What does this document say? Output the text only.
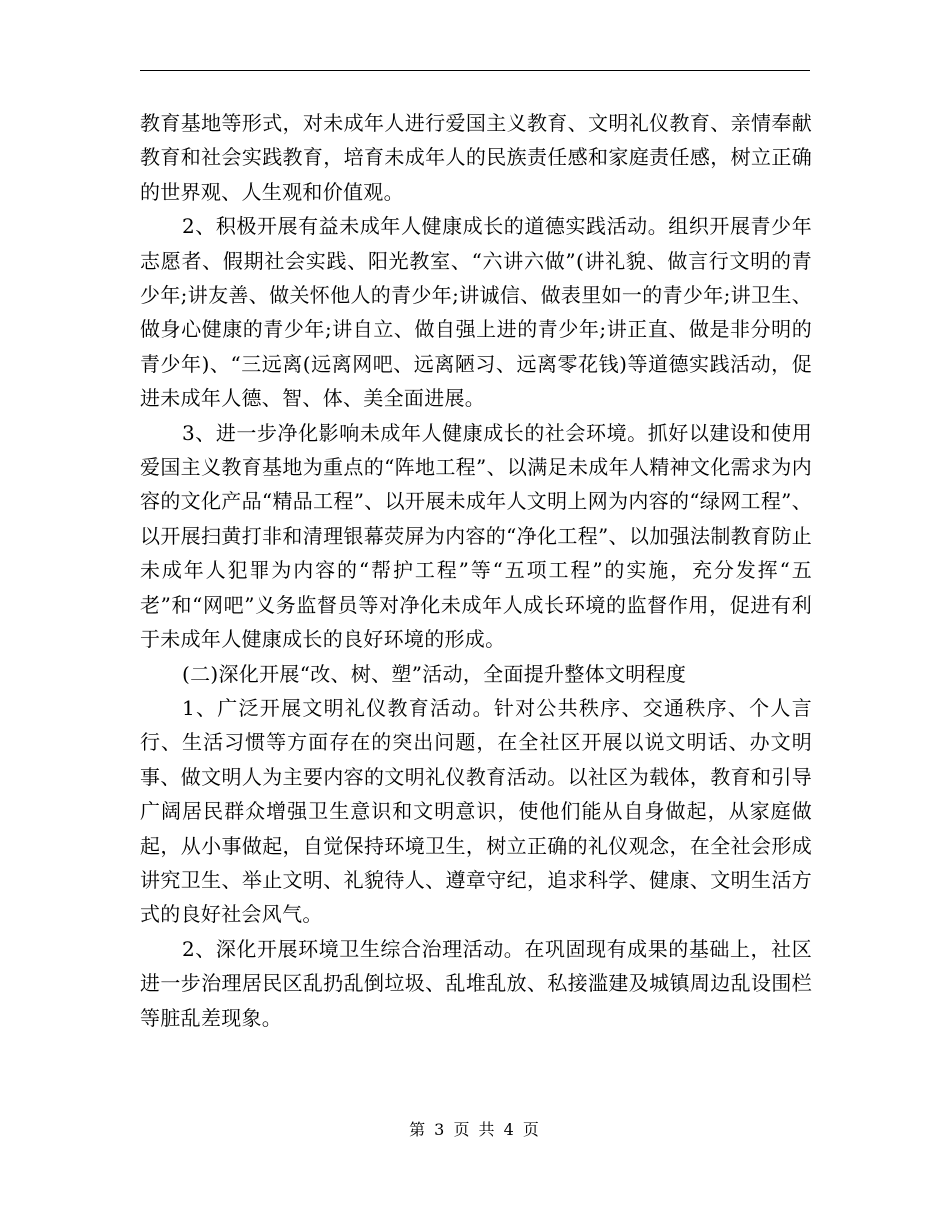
教育基地等形式，对未成年人进行爱国主义教育、文明礼仪教育、亲情奉献教育和社会实践教育，培育未成年人的民族责任感和家庭责任感，树立正确的世界观、人生观和价值观。

2、积极开展有益未成年人健康成长的道德实践活动。组织开展青少年志愿者、假期社会实践、阳光教室、“六讲六做”(讲礼貌、做言行文明的青少年;讲友善、做关怀他人的青少年;讲诚信、做表里如一的青少年;讲卫生、做身心健康的青少年;讲自立、做自强上进的青少年;讲正直、做是非分明的青少年)、“三远离(远离网吧、远离陋习、远离零花钱)等道德实践活动，促进未成年人德、智、体、美全面进展。

3、进一步净化影响未成年人健康成长的社会环境。抓好以建设和使用爱国主义教育基地为重点的“阵地工程”、以满足未成年人精神文化需求为内容的文化产品“精品工程”、以开展未成年人文明上网为内容的“绿网工程”、以开展扫黄打非和清理银幕荧屏为内容的“净化工程”、以加强法制教育防止未成年人犯罪为内容的“帮护工程”等“五项工程”的实施，充分发挥“五老”和“网吧”义务监督员等对净化未成年人成长环境的监督作用，促进有利于未成年人健康成长的良好环境的形成。

(二)深化开展“改、树、塑”活动，全面提升整体文明程度

1、广泛开展文明礼仪教育活动。针对公共秩序、交通秩序、个人言行、生活习惯等方面存在的突出问题，在全社区开展以说文明话、办文明事、做文明人为主要内容的文明礼仪教育活动。以社区为载体，教育和引导广阔居民群众增强卫生意识和文明意识，使他们能从自身做起，从家庭做起，从小事做起，自觉保持环境卫生，树立正确的礼仪观念，在全社会形成讲究卫生、举止文明、礼貌待人、遵章守纪，追求科学、健康、文明生活方式的良好社会风气。

2、深化开展环境卫生综合治理活动。在巩固现有成果的基础上，社区进一步治理居民区乱扔乱倒垃圾、乱堆乱放、私接滥建及城镇周边乱设围栏等脏乱差现象。

第 3 页 共 4 页
